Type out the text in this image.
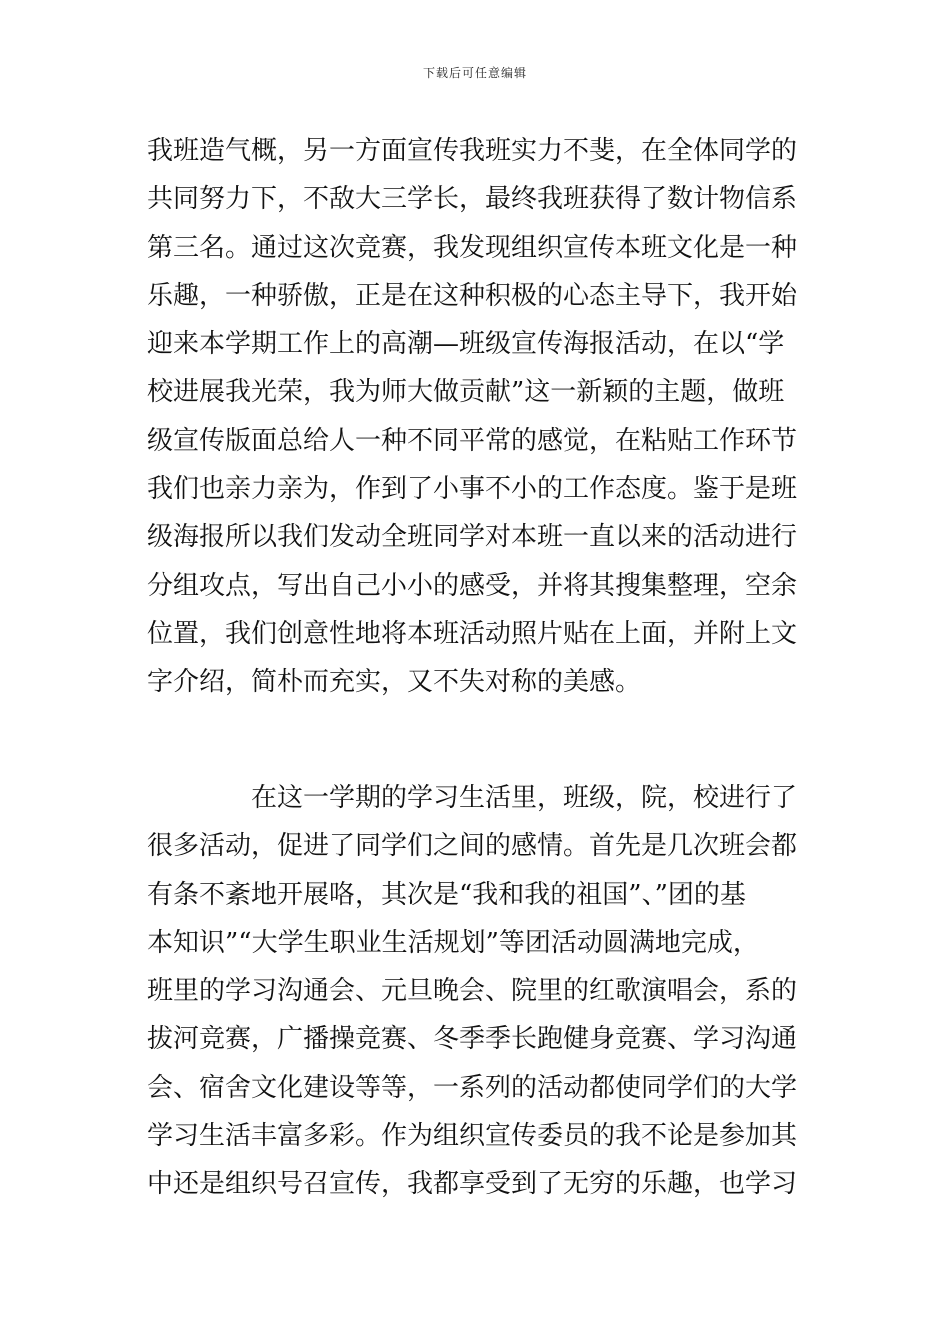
下载后可任意编辑
我班造气概，另一方面宣传我班实力不斐，在全体同学的
共同努力下，不敌大三学长，最终我班获得了数计物信系
第三名。通过这次竞赛，我发现组织宣传本班文化是一种
乐趣，一种骄傲，正是在这种积极的心态主导下，我开始
迎来本学期工作上的高潮—班级宣传海报活动，在以“学
校进展我光荣，我为师大做贡献”这一新颖的主题，做班
级宣传版面总给人一种不同平常的感觉，在粘贴工作环节
我们也亲力亲为，作到了小事不小的工作态度。鉴于是班
级海报所以我们发动全班同学对本班一直以来的活动进行
分组攻点，写出自己小小的感受，并将其搜集整理，空余
位置，我们创意性地将本班活动照片贴在上面，并附上文
字介绍，简朴而充实，又不失对称的美感。
在这一学期的学习生活里，班级，院，校进行了
很多活动，促进了同学们之间的感情。首先是几次班会都
有条不紊地开展咯，其次是“我和我的祖国”、”团的基
本知识”“大学生职业生活规划”等团活动圆满地完成，
班里的学习沟通会、元旦晚会、院里的红歌演唱会，系的
拔河竞赛，广播操竞赛、冬季季长跑健身竞赛、学习沟通
会、宿舍文化建设等等，一系列的活动都使同学们的大学
学习生活丰富多彩。作为组织宣传委员的我不论是参加其
中还是组织号召宣传，我都享受到了无穷的乐趣，也学习
